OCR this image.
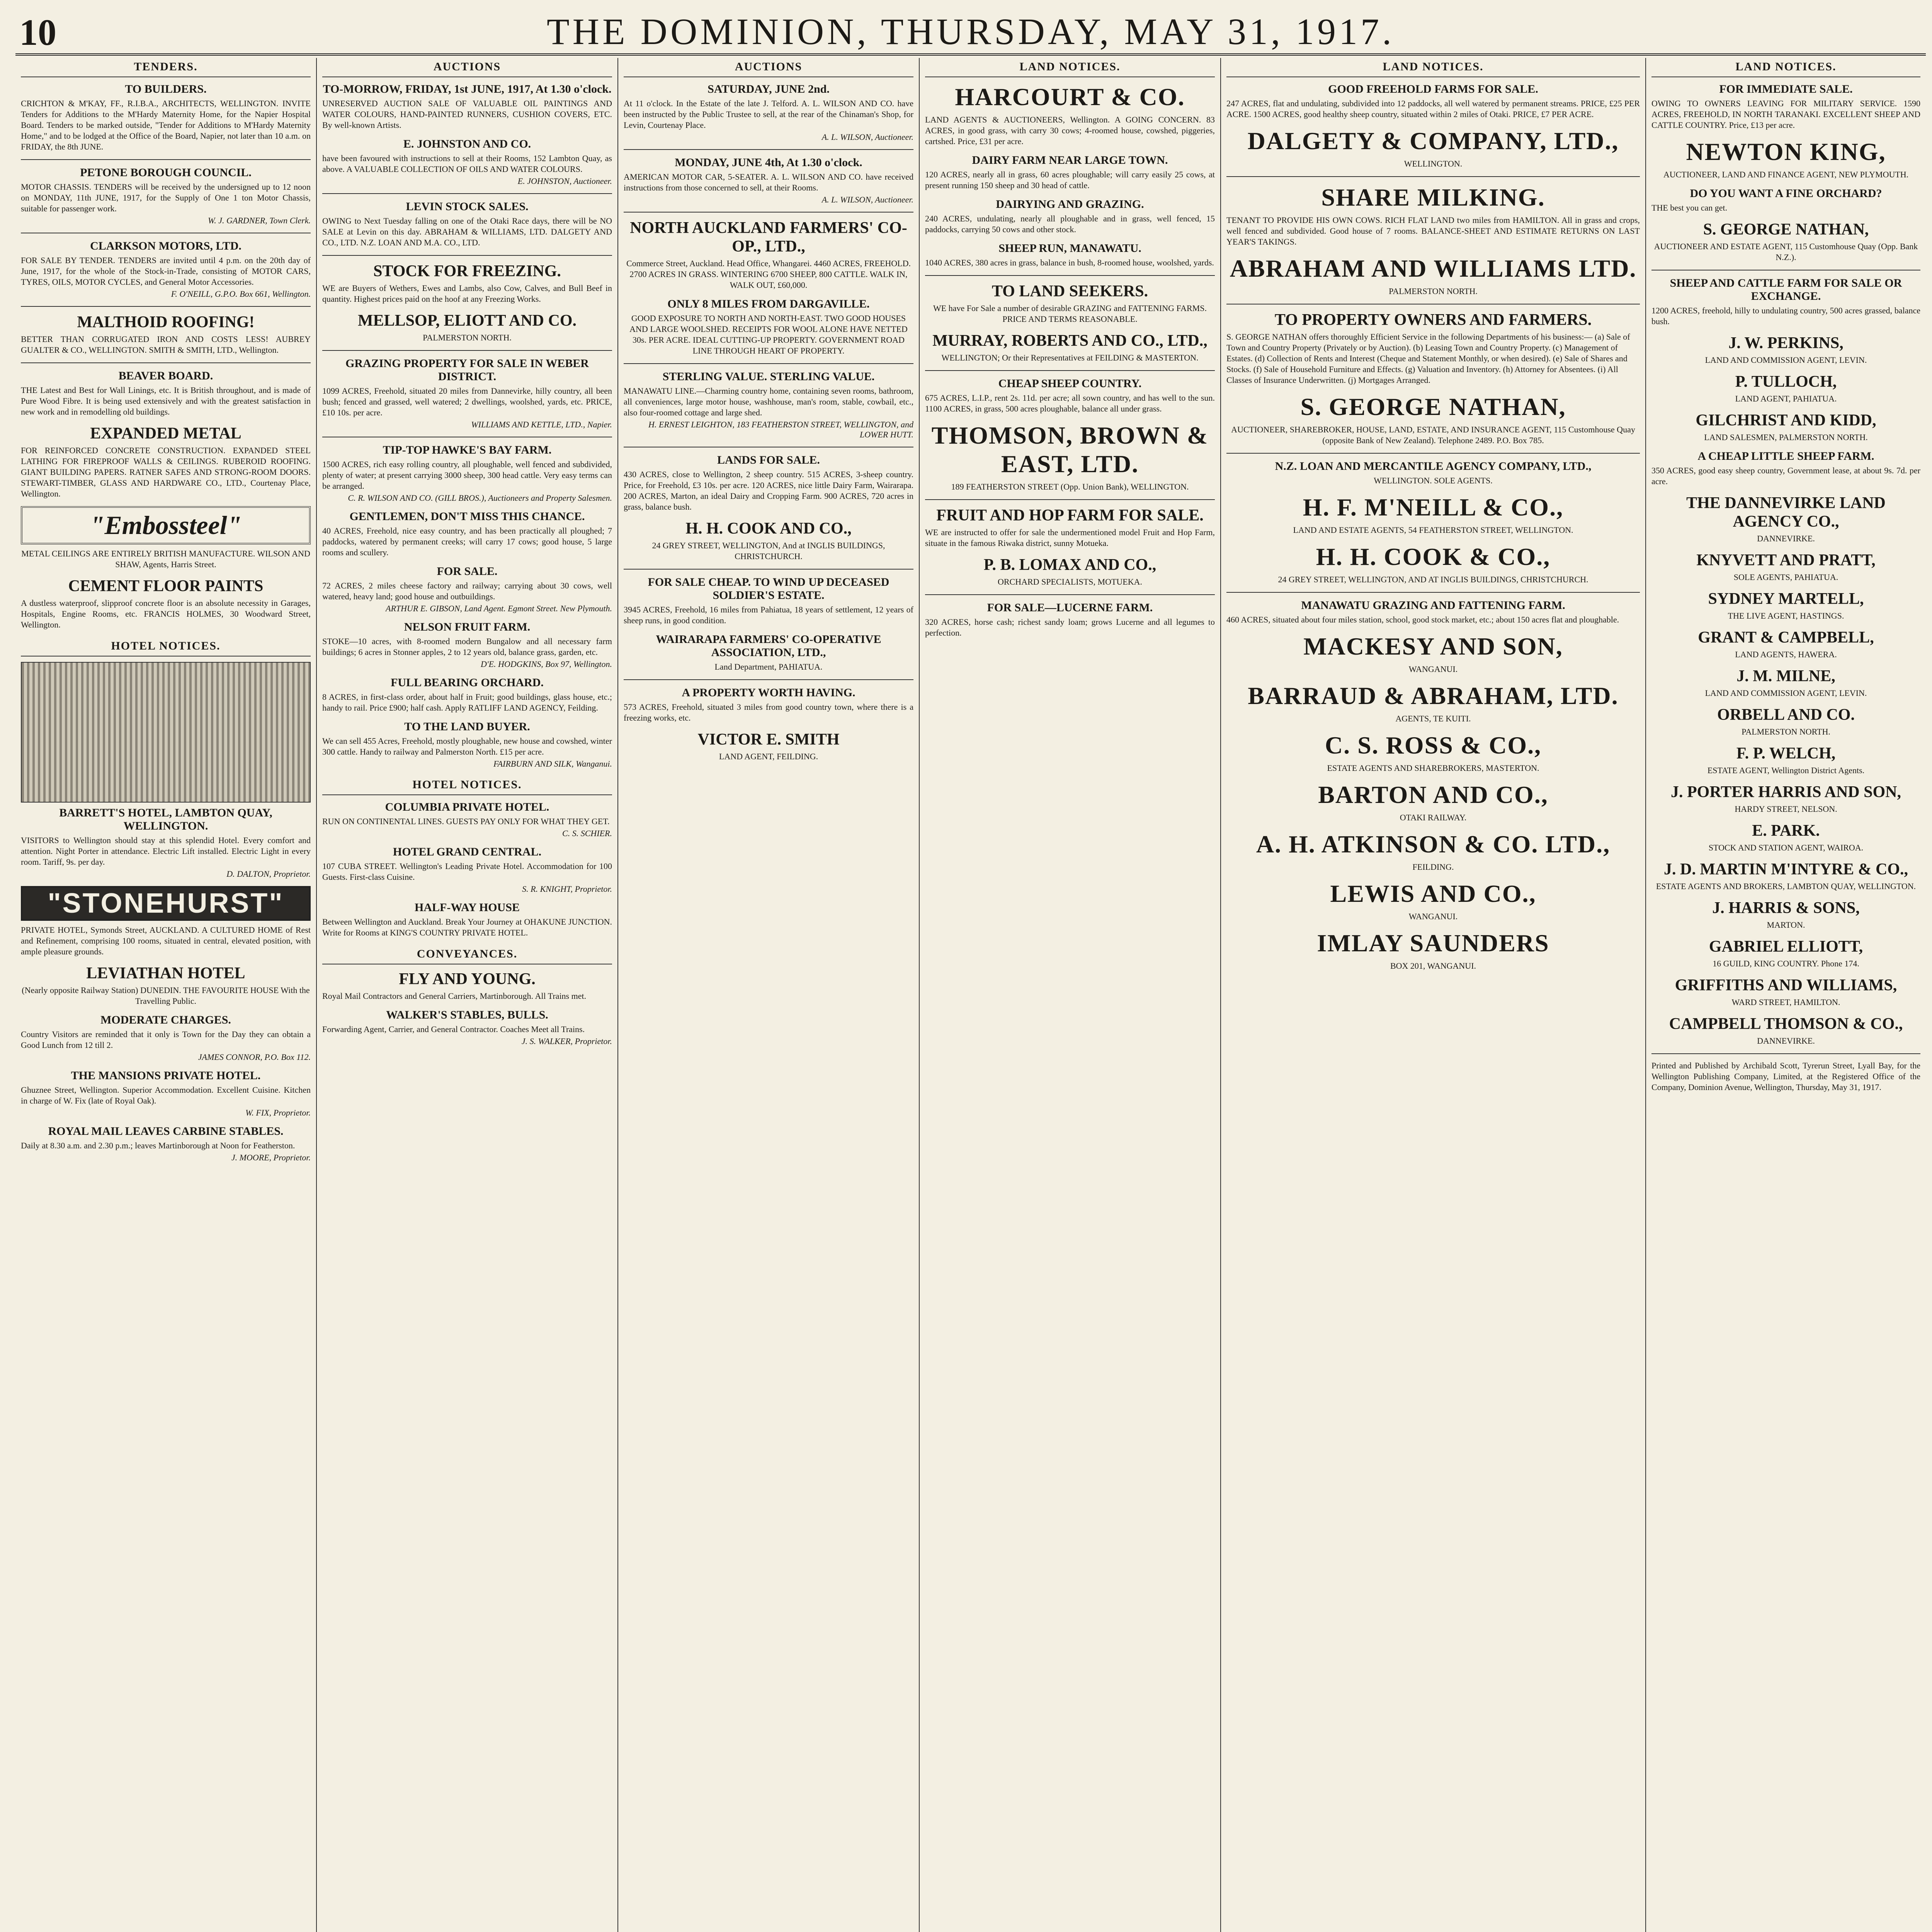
10	THE DOMINION, THURSDAY, MAY 31, 1917.
TENDERS.
TO BUILDERS.
CRICHTON & M'KAY, FF., R.I.B.A., ARCHITECTS, WELLINGTON. INVITE Tenders for Additions to the M'Hardy Maternity Home, for the Napier Hospital Board. Tenders to be marked outside, "Tender for Additions to M'Hardy Maternity Home," and to be lodged at the Office of the Board, Napier, not later than 10 a.m. on FRIDAY, the 8th JUNE.
PETONE BOROUGH COUNCIL.
MOTOR CHASSIS. TENDERS will be received by the undersigned up to 12 noon on MONDAY, 11th JUNE, 1917, for the Supply of One 1 ton Motor Chassis, suitable for passenger work.
W. J. GARDNER, Town Clerk.
CLARKSON MOTORS, LTD.
FOR SALE BY TENDER. TENDERS are invited until 4 p.m. on the 20th day of June, 1917, for the whole of the Stock-in-Trade, consisting of MOTOR CARS, TYRES, OILS, MOTOR CYCLES, and General Motor Accessories.
F. O'NEILL, G.P.O. Box 661, Wellington.
MALTHOID ROOFING!
BETTER THAN CORRUGATED IRON AND COSTS LESS! AUBREY GUALTER & CO., WELLINGTON. SMITH & SMITH, LTD., Wellington.
BEAVER BOARD.
THE Latest and Best for Wall Linings, etc. It is British throughout, and is made of Pure Wood Fibre. It is being used extensively and with the greatest satisfaction in new work and in remodelling old buildings.
EXPANDED METAL
FOR REINFORCED CONCRETE CONSTRUCTION. EXPANDED STEEL LATHING FOR FIREPROOF WALLS & CEILINGS. RUBEROID ROOFING. GIANT BUILDING PAPERS. RATNER SAFES AND STRONG-ROOM DOORS. STEWART-TIMBER, GLASS AND HARDWARE CO., LTD., Courtenay Place, Wellington.
"Embossteel"
METAL CEILINGS ARE ENTIRELY BRITISH MANUFACTURE. WILSON AND SHAW, Agents, Harris Street.
CEMENT FLOOR PAINTS
A dustless waterproof, slipproof concrete floor is an absolute necessity in Garages, Hospitals, Engine Rooms, etc. FRANCIS HOLMES, 30 Woodward Street, Wellington.
HOTEL NOTICES.
BARRETT'S HOTEL, LAMBTON QUAY, WELLINGTON.
VISITORS to Wellington should stay at this splendid Hotel. Every comfort and attention. Night Porter in attendance. Electric Lift installed. Electric Light in every room. Tariff, 9s. per day.
D. DALTON, Proprietor.
"STONEHURST"
PRIVATE HOTEL, Symonds Street, AUCKLAND. A CULTURED HOME of Rest and Refinement, comprising 100 rooms, situated in central, elevated position, with ample pleasure grounds.
LEVIATHAN HOTEL
(Nearly opposite Railway Station) DUNEDIN. THE FAVOURITE HOUSE With the Travelling Public.
MODERATE CHARGES.
Country Visitors are reminded that it only is Town for the Day they can obtain a Good Lunch from 12 till 2.
JAMES CONNOR, P.O. Box 112.
THE MANSIONS PRIVATE HOTEL.
Ghuznee Street, Wellington. Superior Accommodation. Excellent Cuisine. Kitchen in charge of W. Fix (late of Royal Oak).
W. FIX, Proprietor.
ROYAL MAIL LEAVES CARBINE STABLES.
Daily at 8.30 a.m. and 2.30 p.m.; leaves Martinborough at Noon for Featherston.
J. MOORE, Proprietor.
AUCTIONS
TO-MORROW, FRIDAY, 1st JUNE, 1917, At 1.30 o'clock.
UNRESERVED AUCTION SALE OF VALUABLE OIL PAINTINGS AND WATER COLOURS, HAND-PAINTED RUNNERS, CUSHION COVERS, ETC. By well-known Artists.
E. JOHNSTON AND CO.
have been favoured with instructions to sell at their Rooms, 152 Lambton Quay, as above. A VALUABLE COLLECTION OF OILS AND WATER COLOURS.
E. JOHNSTON, Auctioneer.
LEVIN STOCK SALES.
OWING to Next Tuesday falling on one of the Otaki Race days, there will be NO SALE at Levin on this day. ABRAHAM & WILLIAMS, LTD. DALGETY AND CO., LTD. N.Z. LOAN AND M.A. CO., LTD.
STOCK FOR FREEZING.
WE are Buyers of Wethers, Ewes and Lambs, also Cow, Calves, and Bull Beef in quantity. Highest prices paid on the hoof at any Freezing Works.
MELLSOP, ELIOTT AND CO.
PALMERSTON NORTH.
GRAZING PROPERTY FOR SALE IN WEBER DISTRICT.
1099 ACRES, Freehold, situated 20 miles from Dannevirke, hilly country, all been bush; fenced and grassed, well watered; 2 dwellings, woolshed, yards, etc. PRICE, £10 10s. per acre.
WILLIAMS AND KETTLE, LTD., Napier.
TIP-TOP HAWKE'S BAY FARM.
1500 ACRES, rich easy rolling country, all ploughable, well fenced and subdivided, plenty of water; at present carrying 3000 sheep, 300 head cattle. Very easy terms can be arranged.
C. R. WILSON AND CO. (GILL BROS.), Auctioneers and Property Salesmen.
GENTLEMEN, DON'T MISS THIS CHANCE.
40 ACRES, Freehold, nice easy country, and has been practically all ploughed; 7 paddocks, watered by permanent creeks; will carry 17 cows; good house, 5 large rooms and scullery.
FOR SALE.
72 ACRES, 2 miles cheese factory and railway; carrying about 30 cows, well watered, heavy land; good house and outbuildings.
ARTHUR E. GIBSON, Land Agent. Egmont Street. New Plymouth.
NELSON FRUIT FARM.
STOKE—10 acres, with 8-roomed modern Bungalow and all necessary farm buildings; 6 acres in Stonner apples, 2 to 12 years old, balance grass, garden, etc.
D'E. HODGKINS, Box 97, Wellington.
FULL BEARING ORCHARD.
8 ACRES, in first-class order, about half in Fruit; good buildings, glass house, etc.; handy to rail. Price £900; half cash. Apply RATLIFF LAND AGENCY, Feilding.
TO THE LAND BUYER.
We can sell 455 Acres, Freehold, mostly ploughable, new house and cowshed, winter 300 cattle. Handy to railway and Palmerston North. £15 per acre.
FAIRBURN AND SILK, Wanganui.
HOTEL NOTICES.
COLUMBIA PRIVATE HOTEL.
RUN ON CONTINENTAL LINES. GUESTS PAY ONLY FOR WHAT THEY GET.
C. S. SCHIER.
HOTEL GRAND CENTRAL.
107 CUBA STREET. Wellington's Leading Private Hotel. Accommodation for 100 Guests. First-class Cuisine.
S. R. KNIGHT, Proprietor.
HALF-WAY HOUSE
Between Wellington and Auckland. Break Your Journey at OHAKUNE JUNCTION. Write for Rooms at KING'S COUNTRY PRIVATE HOTEL.
CONVEYANCES.
FLY AND YOUNG.
Royal Mail Contractors and General Carriers, Martinborough. All Trains met.
WALKER'S STABLES, BULLS.
Forwarding Agent, Carrier, and General Contractor. Coaches Meet all Trains.
J. S. WALKER, Proprietor.
AUCTIONS
SATURDAY, JUNE 2nd.
At 11 o'clock. In the Estate of the late J. Telford. A. L. WILSON AND CO. have been instructed by the Public Trustee to sell, at the rear of the Chinaman's Shop, for Levin, Courtenay Place.
A. L. WILSON, Auctioneer.
MONDAY, JUNE 4th, At 1.30 o'clock.
AMERICAN MOTOR CAR, 5-SEATER. A. L. WILSON AND CO. have received instructions from those concerned to sell, at their Rooms.
A. L. WILSON, Auctioneer.
NORTH AUCKLAND FARMERS' CO-OP., LTD.,
Commerce Street, Auckland. Head Office, Whangarei. 4460 ACRES, FREEHOLD. 2700 ACRES IN GRASS. WINTERING 6700 SHEEP, 800 CATTLE. WALK IN, WALK OUT, £60,000.
ONLY 8 MILES FROM DARGAVILLE.
GOOD EXPOSURE TO NORTH AND NORTH-EAST. TWO GOOD HOUSES AND LARGE WOOLSHED. RECEIPTS FOR WOOL ALONE HAVE NETTED 30s. PER ACRE. IDEAL CUTTING-UP PROPERTY. GOVERNMENT ROAD LINE THROUGH HEART OF PROPERTY.
STERLING VALUE. STERLING VALUE.
MANAWATU LINE.—Charming country home, containing seven rooms, bathroom, all conveniences, large motor house, washhouse, man's room, stable, cowbail, etc., also four-roomed cottage and large shed.
H. ERNEST LEIGHTON, 183 FEATHERSTON STREET, WELLINGTON, and LOWER HUTT.
LANDS FOR SALE.
430 ACRES, close to Wellington, 2 sheep country. 515 ACRES, 3-sheep country. Price, for Freehold, £3 10s. per acre. 120 ACRES, nice little Dairy Farm, Wairarapa. 200 ACRES, Marton, an ideal Dairy and Cropping Farm. 900 ACRES, 720 acres in grass, balance bush.
H. H. COOK AND CO.,
24 GREY STREET, WELLINGTON, And at INGLIS BUILDINGS, CHRISTCHURCH.
FOR SALE CHEAP. TO WIND UP DECEASED SOLDIER'S ESTATE.
3945 ACRES, Freehold, 16 miles from Pahiatua, 18 years of settlement, 12 years of sheep runs, in good condition.
WAIRARAPA FARMERS' CO-OPERATIVE ASSOCIATION, LTD.,
Land Department, PAHIATUA.
A PROPERTY WORTH HAVING.
573 ACRES, Freehold, situated 3 miles from good country town, where there is a freezing works, etc.
VICTOR E. SMITH
LAND AGENT, FEILDING.
LAND NOTICES.
HARCOURT & CO.
LAND AGENTS & AUCTIONEERS, Wellington. A GOING CONCERN. 83 ACRES, in good grass, with carry 30 cows; 4-roomed house, cowshed, piggeries, cartshed. Price, £31 per acre.
DAIRY FARM NEAR LARGE TOWN.
120 ACRES, nearly all in grass, 60 acres ploughable; will carry easily 25 cows, at present running 150 sheep and 30 head of cattle.
DAIRYING AND GRAZING.
240 ACRES, undulating, nearly all ploughable and in grass, well fenced, 15 paddocks, carrying 50 cows and other stock.
SHEEP RUN, MANAWATU.
1040 ACRES, 380 acres in grass, balance in bush, 8-roomed house, woolshed, yards.
TO LAND SEEKERS.
WE have For Sale a number of desirable GRAZING and FATTENING FARMS. PRICE AND TERMS REASONABLE.
MURRAY, ROBERTS AND CO., LTD.,
WELLINGTON; Or their Representatives at FEILDING & MASTERTON.
CHEAP SHEEP COUNTRY.
675 ACRES, L.I.P., rent 2s. 11d. per acre; all sown country, and has well to the sun. 1100 ACRES, in grass, 500 acres ploughable, balance all under grass.
THOMSON, BROWN & EAST, LTD.
189 FEATHERSTON STREET (Opp. Union Bank), WELLINGTON.
FRUIT AND HOP FARM FOR SALE.
WE are instructed to offer for sale the undermentioned model Fruit and Hop Farm, situate in the famous Riwaka district, sunny Motueka.
P. B. LOMAX AND CO.,
ORCHARD SPECIALISTS, MOTUEKA.
FOR SALE—LUCERNE FARM.
320 ACRES, horse cash; richest sandy loam; grows Lucerne and all legumes to perfection.
LAND NOTICES.
GOOD FREEHOLD FARMS FOR SALE.
247 ACRES, flat and undulating, subdivided into 12 paddocks, all well watered by permanent streams. PRICE, £25 PER ACRE. 1500 ACRES, good healthy sheep country, situated within 2 miles of Otaki. PRICE, £7 PER ACRE.
DALGETY & COMPANY, LTD.,
WELLINGTON.
SHARE MILKING.
TENANT TO PROVIDE HIS OWN COWS. RICH FLAT LAND two miles from HAMILTON. All in grass and crops, well fenced and subdivided. Good house of 7 rooms. BALANCE-SHEET AND ESTIMATE RETURNS ON LAST YEAR'S TAKINGS.
ABRAHAM AND WILLIAMS LTD.
PALMERSTON NORTH.
TO PROPERTY OWNERS AND FARMERS.
S. GEORGE NATHAN offers thoroughly Efficient Service in the following Departments of his business:— (a) Sale of Town and Country Property (Privately or by Auction). (b) Leasing Town and Country Property. (c) Management of Estates. (d) Collection of Rents and Interest (Cheque and Statement Monthly, or when desired). (e) Sale of Shares and Stocks. (f) Sale of Household Furniture and Effects. (g) Valuation and Inventory. (h) Attorney for Absentees. (i) All Classes of Insurance Underwritten. (j) Mortgages Arranged.
S. GEORGE NATHAN,
AUCTIONEER, SHAREBROKER, HOUSE, LAND, ESTATE, AND INSURANCE AGENT, 115 Customhouse Quay (opposite Bank of New Zealand). Telephone 2489. P.O. Box 785.
N.Z. LOAN AND MERCANTILE AGENCY COMPANY, LTD.,
WELLINGTON. SOLE AGENTS.
H. F. M'NEILL & CO.,
LAND AND ESTATE AGENTS, 54 FEATHERSTON STREET, WELLINGTON.
H. H. COOK & CO.,
24 GREY STREET, WELLINGTON, AND AT INGLIS BUILDINGS, CHRISTCHURCH.
MANAWATU GRAZING AND FATTENING FARM.
460 ACRES, situated about four miles station, school, good stock market, etc.; about 150 acres flat and ploughable.
MACKESY AND SON,
WANGANUI.
BARRAUD & ABRAHAM, LTD.
AGENTS, TE KUITI.
C. S. ROSS & CO.,
ESTATE AGENTS AND SHAREBROKERS, MASTERTON.
BARTON AND CO.,
OTAKI RAILWAY.
A. H. ATKINSON & CO. LTD.,
FEILDING.
LEWIS AND CO.,
WANGANUI.
IMLAY SAUNDERS
BOX 201, WANGANUI.
LAND NOTICES.
FOR IMMEDIATE SALE.
OWING TO OWNERS LEAVING FOR MILITARY SERVICE. 1590 ACRES, FREEHOLD, IN NORTH TARANAKI. EXCELLENT SHEEP AND CATTLE COUNTRY. Price, £13 per acre.
NEWTON KING,
AUCTIONEER, LAND AND FINANCE AGENT, NEW PLYMOUTH.
DO YOU WANT A FINE ORCHARD?
THE best you can get.
S. GEORGE NATHAN,
AUCTIONEER AND ESTATE AGENT, 115 Customhouse Quay (Opp. Bank N.Z.).
SHEEP AND CATTLE FARM FOR SALE OR EXCHANGE.
1200 ACRES, freehold, hilly to undulating country, 500 acres grassed, balance bush.
J. W. PERKINS,
LAND AND COMMISSION AGENT, LEVIN.
P. TULLOCH,
LAND AGENT, PAHIATUA.
GILCHRIST AND KIDD,
LAND SALESMEN, PALMERSTON NORTH.
A CHEAP LITTLE SHEEP FARM.
350 ACRES, good easy sheep country, Government lease, at about 9s. 7d. per acre.
THE DANNEVIRKE LAND AGENCY CO.,
DANNEVIRKE.
KNYVETT AND PRATT,
SOLE AGENTS, PAHIATUA.
SYDNEY MARTELL,
THE LIVE AGENT, HASTINGS.
GRANT & CAMPBELL,
LAND AGENTS, HAWERA.
J. M. MILNE,
LAND AND COMMISSION AGENT, LEVIN.
ORBELL AND CO.
PALMERSTON NORTH.
F. P. WELCH,
ESTATE AGENT, Wellington District Agents.
J. PORTER HARRIS AND SON,
HARDY STREET, NELSON.
E. PARK.
STOCK AND STATION AGENT, WAIROA.
J. D. MARTIN M'INTYRE & CO.,
ESTATE AGENTS AND BROKERS, LAMBTON QUAY, WELLINGTON.
J. HARRIS & SONS,
MARTON.
GABRIEL ELLIOTT,
16 GUILD, KING COUNTRY. Phone 174.
GRIFFITHS AND WILLIAMS,
WARD STREET, HAMILTON.
CAMPBELL THOMSON & CO.,
DANNEVIRKE.
Printed and Published by Archibald Scott, Tyrerun Street, Lyall Bay, for the Wellington Publishing Company, Limited, at the Registered Office of the Company, Dominion Avenue, Wellington, Thursday, May 31, 1917.
